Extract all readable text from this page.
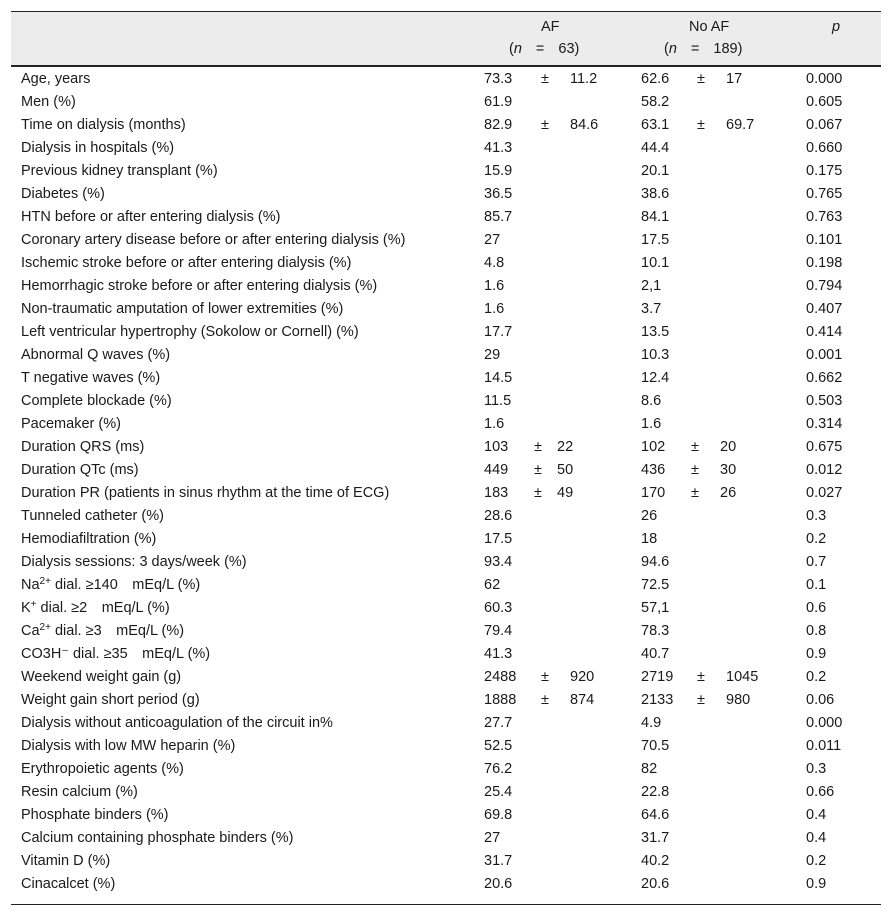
AF
(n = 63)
No AF
(n = 189)
p
Age, years	73.3 ± 11.2	62.6 ± 17	0.000
Men (%)	61.9	58.2	0.605
Time on dialysis (months)	82.9 ± 84.6	63.1 ± 69.7	0.067
Dialysis in hospitals (%)	41.3	44.4	0.660
Previous kidney transplant (%)	15.9	20.1	0.175
Diabetes (%)	36.5	38.6	0.765
HTN before or after entering dialysis (%)	85.7	84.1	0.763
Coronary artery disease before or after entering dialysis (%)	27	17.5	0.101
Ischemic stroke before or after entering dialysis (%)	4.8	10.1	0.198
Hemorrhagic stroke before or after entering dialysis (%)	1.6	2,1	0.794
Non-traumatic amputation of lower extremities (%)	1.6	3.7	0.407
Left ventricular hypertrophy (Sokolow or Cornell) (%)	17.7	13.5	0.414
Abnormal Q waves (%)	29	10.3	0.001
T negative waves (%)	14.5	12.4	0.662
Complete blockade (%)	11.5	8.6	0.503
Pacemaker (%)	1.6	1.6	0.314
Duration QRS (ms)	103 ± 22	102 ± 20	0.675
Duration QTc (ms)	449 ± 50	436 ± 30	0.012
Duration PR (patients in sinus rhythm at the time of ECG)	183 ± 49	170 ± 26	0.027
Tunneled catheter (%)	28.6	26	0.3
Hemodiafiltration (%)	17.5	18	0.2
Dialysis sessions: 3 days/week (%)	93.4	94.6	0.7
$Na^{2+}$ dial. ≥140 mEq/L (%)	62	72.5	0.1
K+ dial. ≥2 mEq/L (%)	60.3	57,1	0.6
$Ca^{2+}$ dial. ≥3 mEq/L (%)	79.4	78.3	0.8
CO3H⁻ dial. ≥35 mEq/L (%)	41.3	40.7	0.9
Weekend weight gain (g)	2488 ± 920	2719 ± 1045	0.2
Weight gain short period (g)	1888 ± 874	2133 ± 980	0.06
Dialysis without anticoagulation of the circuit in%	27.7	4.9	0.000
Dialysis with low MW heparin (%)	52.5	70.5	0.011
Erythropoietic agents (%)	76.2	82	0.3
Resin calcium (%)	25.4	22.8	0.66
Phosphate binders (%)	69.8	64.6	0.4
Calcium containing phosphate binders (%)	27	31.7	0.4
Vitamin D (%)	31.7	40.2	0.2
Cinacalcet (%)	20.6	20.6	0.9
